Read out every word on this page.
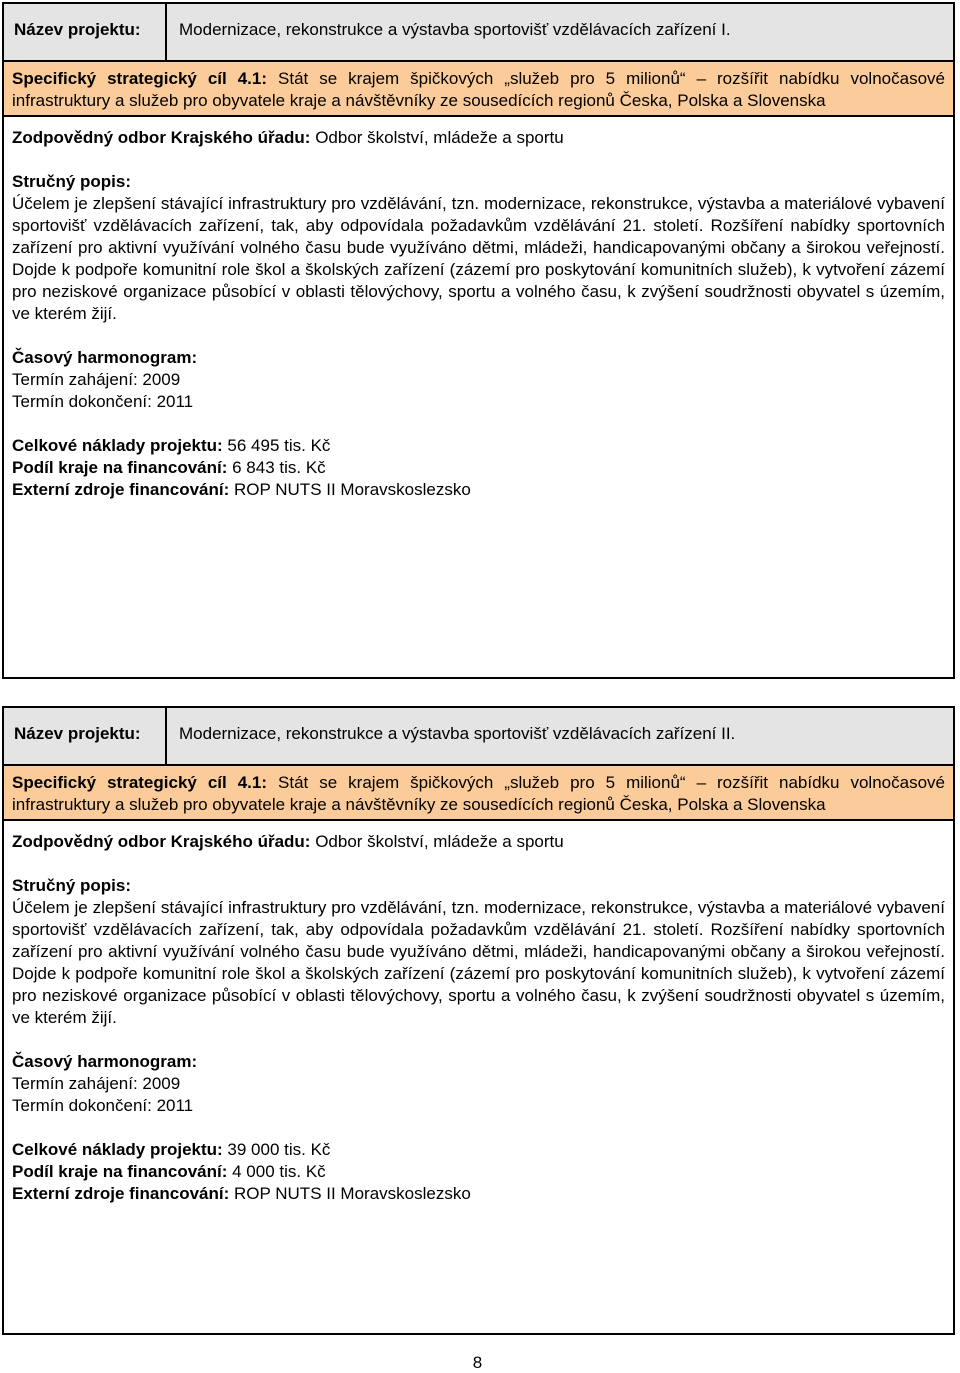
Název projektu:	Modernizace, rekonstrukce a výstavba sportovišť vzdělávacích zařízení I.
Specifický strategický cíl 4.1: Stát se krajem špičkových „služeb pro 5 milionů“ – rozšířit nabídku volnočasové infrastruktury a služeb pro obyvatele kraje a návštěvníky ze sousedících regionů Česka, Polska a Slovenska
Zodpovědný odbor Krajského úřadu: Odbor školství, mládeže a sportu
Stručný popis:
Účelem je zlepšení stávající infrastruktury pro vzdělávání, tzn. modernizace, rekonstrukce, výstavba a materiálové vybavení sportovišť vzdělávacích zařízení, tak, aby odpovídala požadavkům vzdělávání 21. století. Rozšíření nabídky sportovních zařízení pro aktivní využívání volného času bude využíváno dětmi, mládeži, handicapovanými občany a širokou veřejností. Dojde k podpoře komunitní role škol a školských zařízení (zázemí pro poskytování komunitních služeb), k vytvoření zázemí pro neziskové organizace působící v oblasti tělovýchovy, sportu a volného času, k zvýšení soudržnosti obyvatel s územím, ve kterém žijí.
Časový harmonogram:
Termín zahájení: 2009
Termín dokončení: 2011
Celkové náklady projektu: 56 495 tis. Kč
Podíl kraje na financování: 6 843 tis. Kč
Externí zdroje financování: ROP NUTS II Moravskoslezsko
Název projektu:	Modernizace, rekonstrukce a výstavba sportovišť vzdělávacích zařízení II.
Specifický strategický cíl 4.1: Stát se krajem špičkových „služeb pro 5 milionů“ – rozšířit nabídku volnočasové infrastruktury a služeb pro obyvatele kraje a návštěvníky ze sousedících regionů Česka, Polska a Slovenska
Zodpovědný odbor Krajského úřadu: Odbor školství, mládeže a sportu
Stručný popis:
Účelem je zlepšení stávající infrastruktury pro vzdělávání, tzn. modernizace, rekonstrukce, výstavba a materiálové vybavení sportovišť vzdělávacích zařízení, tak, aby odpovídala požadavkům vzdělávání 21. století. Rozšíření nabídky sportovních zařízení pro aktivní využívání volného času bude využíváno dětmi, mládeži, handicapovanými občany a širokou veřejností. Dojde k podpoře komunitní role škol a školských zařízení (zázemí pro poskytování komunitních služeb), k vytvoření zázemí pro neziskové organizace působící v oblasti tělovýchovy, sportu a volného času, k zvýšení soudržnosti obyvatel s územím, ve kterém žijí.
Časový harmonogram:
Termín zahájení: 2009
Termín dokončení: 2011
Celkové náklady projektu: 39 000 tis. Kč
Podíl kraje na financování: 4 000 tis. Kč
Externí zdroje financování: ROP NUTS II Moravskoslezsko
8
